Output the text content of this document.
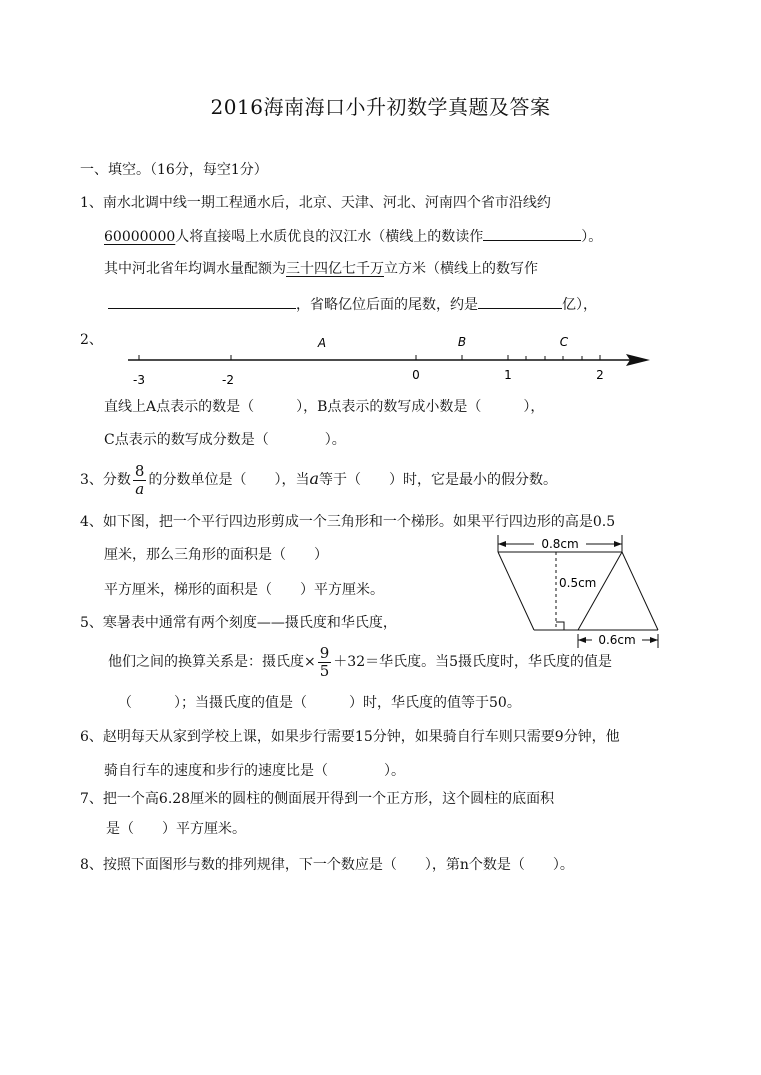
2016海南海口小升初数学真题及答案
一、填空。（16分，每空1分）
1、南水北调中线一期工程通水后，北京、天津、河北、河南四个省市沿线约
60000000人将直接喝上水质优良的汉江水（横线上的数读作	）。
其中河北省年均调水量配额为三十四亿七千万立方米（横线上的数写作
，省略亿位后面的尾数，约是	亿），
2、
-3	-2	0	1	2
A	B	C
直线上A点表示的数是（　　　），B点表示的数写成小数是（　　　），
C点表示的数写成分数是（　　　　）。
3、分数 $\frac{8}{a}$ 的分数单位是（　　），当a等于（　　）时，它是最小的假分数。
4、如下图，把一个平行四边形剪成一个三角形和一个梯形。如果平行四边形的高是0.5
厘米，那么三角形的面积是（　　）
平方厘米，梯形的面积是（　　）平方厘米。
0.8cm
0.5cm
0.6cm
5、寒暑表中通常有两个刻度——摄氏度和华氏度，
他们之间的换算关系是：摄氏度× $\frac{9}{5} +32=$华氏度。当5摄氏度时，华氏度的值是
（　　　）；当摄氏度的值是（　　　）时，华氏度的值等于50。
6、赵明每天从家到学校上课，如果步行需要15分钟，如果骑自行车则只需要9分钟，他
骑自行车的速度和步行的速度比是（　　　　）。
7、把一个高6.28厘米的圆柱的侧面展开得到一个正方形，这个圆柱的底面积
是（　　）平方厘米。
8、按照下面图形与数的排列规律，下一个数应是（　　），第n个数是（　　）。
